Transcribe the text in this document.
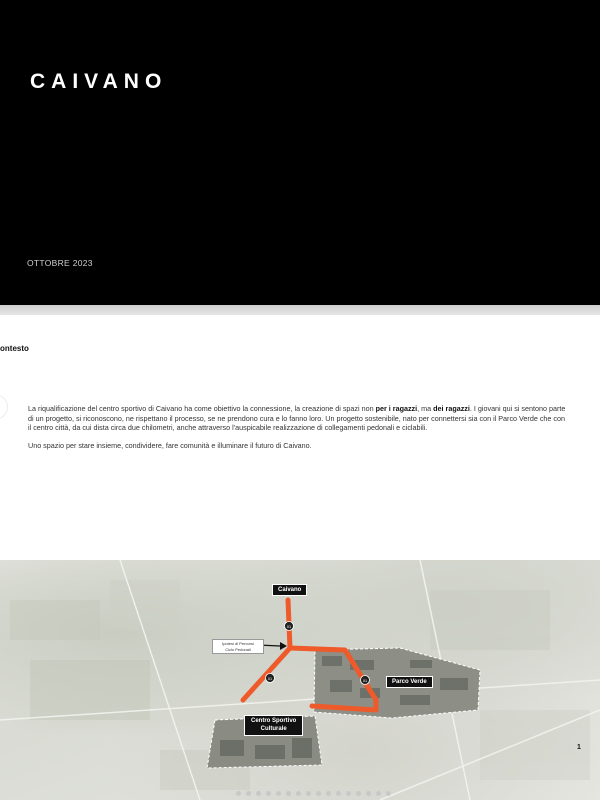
CAIVANO
OTTOBRE 2023
ontesto

La riqualificazione del centro sportivo di Caivano ha come obiettivo la connessione, la creazione di spazi non per i ragazzi, ma dei ragazzi. I giovani qui si sentono parte di un progetto, si riconoscono, ne rispettano il processo, se ne prendono cura e lo fanno loro. Un progetto sostenibile, nato per connettersi sia con il Parco Verde che con il centro città, da cui dista circa due chilometri, anche attraverso l'auspicabile realizzazione di collegamenti pedonali e ciclabili.

Uno spazio per stare insieme, condividere, fare comunità e illuminare il futuro di Caivano.

01
01
01
Caivano
Parco Verde
Centro Sportivo
Culturale
Ipotesi di Percorsi
Ciclo Pedonali
1
